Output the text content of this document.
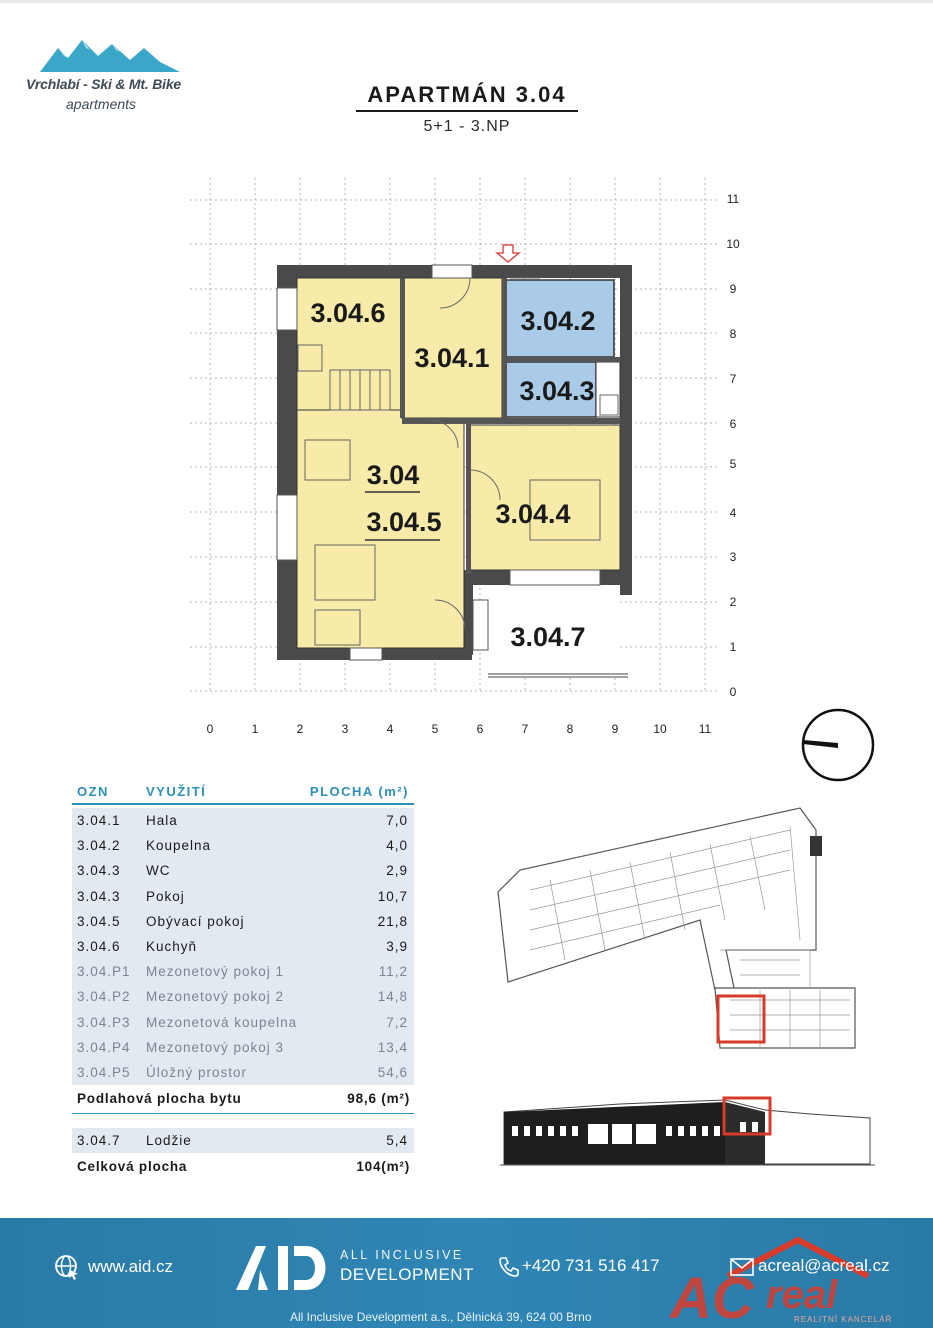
Vrchlabí - Ski & Mt. Bike
apartments	APARTMÁN 3.04
5+1 - 3.NP
3.04.6
3.04.1
3.04.2
3.04.3
3.04
3.04.5 3.04.4
3.04.7
0	1	2	3	4	5	6	7	8	9	10	11
11
10
9
8
7
6
5
4
3
2
1
0
OZN	VYUŽITÍ	PLOCHA (m²)
3.04.1 Hala	7,0
3.04.2 Koupelna	4,0
3.04.3 WC	2,9
3.04.3 Pokoj	10,7
3.04.5 Obývací pokoj	21,8
3.04.6 Kuchyň	3,9
3.04.P1 Mezonetový pokoj 1	11,2
3.04.P2 Mezonetový pokoj 2	14,8
3.04.P3 Mezonetová koupelna	7,2
3.04.P4 Mezonetový pokoj 3	13,4
3.04.P5 Úložný prostor	54,6
Podlahová plocha bytu	98,6 (m²)
3.04.7 Lodžie	5,4
Celková plocha	104(m²)
www.aid.cz
ALL INCLUSIVE
DEVELOPMENT	+420 731 516 417
AC real
REALITNÍ KANCELÁŘ
acreal@acreal.cz
All Inclusive Development a.s., Dělnická 39, 624 00 Brno
